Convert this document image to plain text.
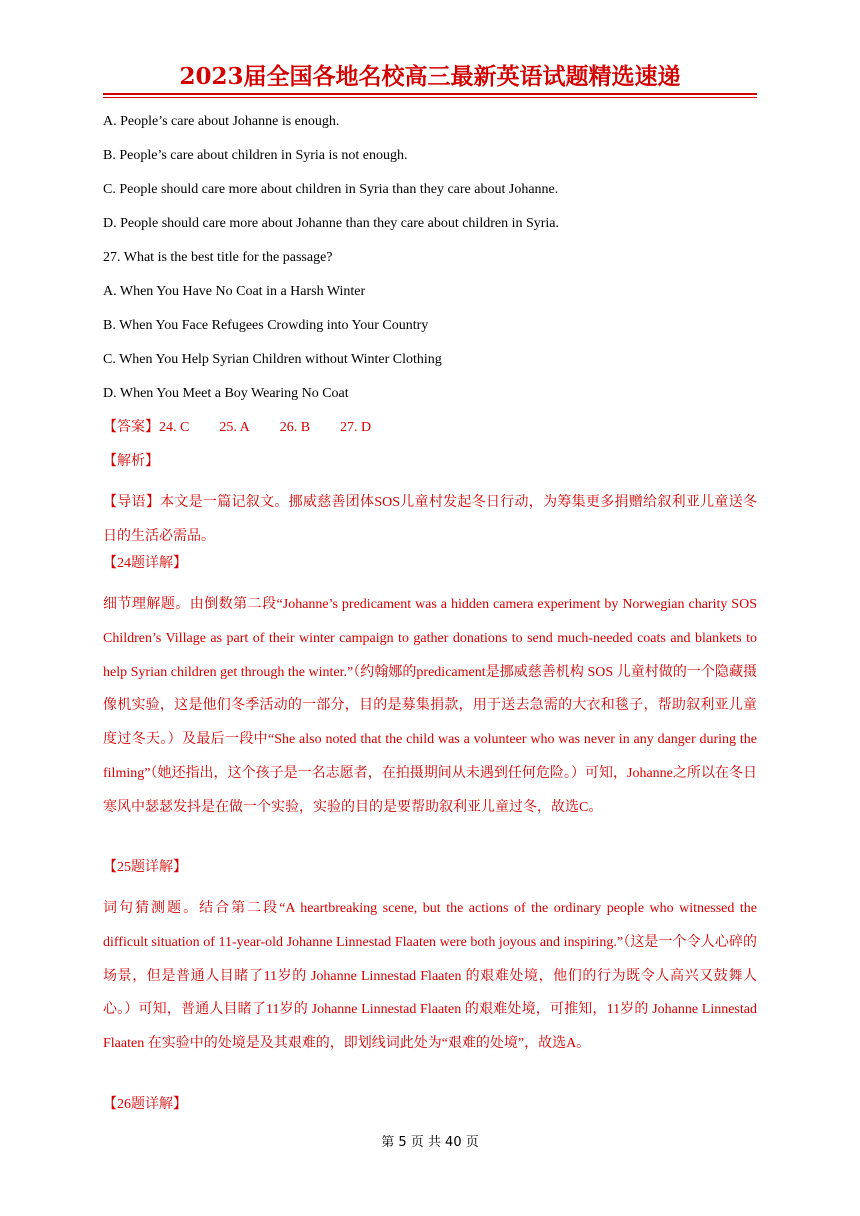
2023届全国各地名校高三最新英语试题精选速递
A. People’s care about Johanne is enough.
B. People’s care about children in Syria is not enough.
C. People should care more about children in Syria than they care about Johanne.
D. People should care more about Johanne than they care about children in Syria.
27. What is the best title for the passage?
A. When You Have No Coat in a Harsh Winter
B. When You Face Refugees Crowding into Your Country
C. When You Help Syrian Children without Winter Clothing
D. When You Meet a Boy Wearing No Coat
【答案】24. C 25. A 26. B 27. D
【解析】
【导语】本文是一篇记叙文。挪威慈善团体SOS儿童村发起冬日行动，为筹集更多捐赠给叙利亚儿童送冬日的生活必需品。
【24题详解】
细节理解题。由倒数第二段“Johanne’s predicament was a hidden camera experiment by Norwegian charity SOS Children’s Village as part of their winter campaign to gather donations to send much-needed coats and blankets to help Syrian children get through the winter.”（约翰娜的predicament是挪威慈善机构 SOS 儿童村做的一个隐藏摄像机实验，这是他们冬季活动的一部分，目的是募集捐款，用于送去急需的大衣和毯子，帮助叙利亚儿童度过冬天。）及最后一段中“She also noted that the child was a volunteer who was never in any danger during the filming”（她还指出，这个孩子是一名志愿者，在拍摄期间从未遇到任何危险。）可知，Johanne之所以在冬日寒风中瑟瑟发抖是在做一个实验，实验的目的是要帮助叙利亚儿童过冬，故选C。
【25题详解】
词句猜测题。结合第二段“A heartbreaking scene, but the actions of the ordinary people who witnessed the difficult situation of 11-year-old Johanne Linnestad Flaaten were both joyous and inspiring.”（这是一个令人心碎的场景，但是普通人目睹了11岁的 Johanne Linnestad Flaaten 的艰难处境，他们的行为既令人高兴又鼓舞人心。）可知，普通人目睹了11岁的 Johanne Linnestad Flaaten 的艰难处境，可推知，11岁的 Johanne Linnestad Flaaten 在实验中的处境是及其艰难的，即划线词此处为“艰难的处境”，故选A。
【26题详解】
第 5 页 共 40 页
